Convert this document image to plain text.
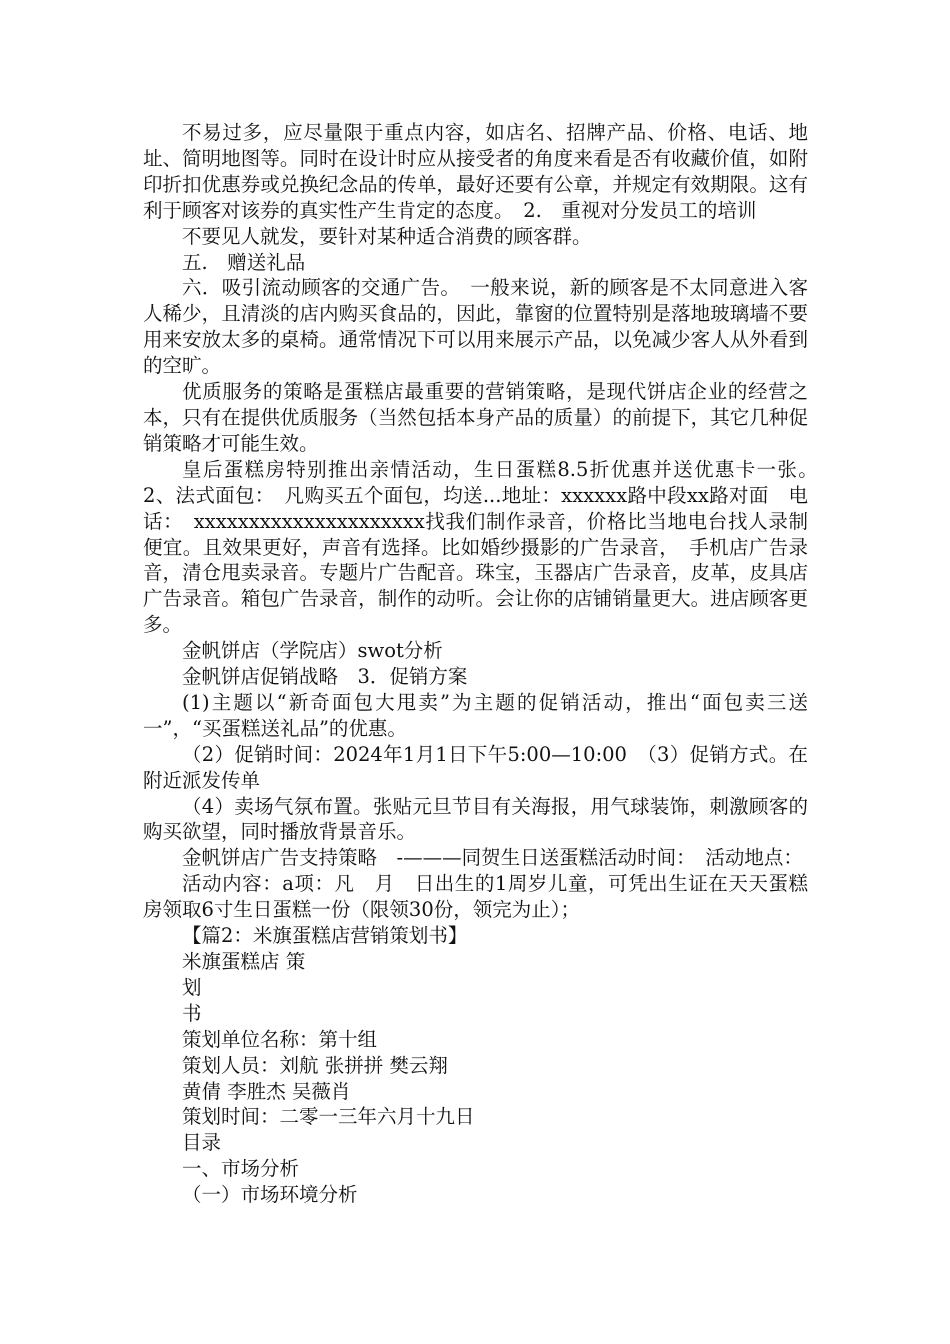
不易过多，应尽量限于重点内容，如店名、招牌产品、价格、电话、地址、简明地图等。同时在设计时应从接受者的角度来看是否有收藏价值，如附印折扣优惠券或兑换纪念品的传单，最好还要有公章，并规定有效期限。这有利于顾客对该券的真实性产生肯定的态度。　2.　重视对分发员工的培训

不要见人就发，要针对某种适合消费的顾客群。

五.　赠送礼品

六．吸引流动顾客的交通广告。　一般来说，新的顾客是不太同意进入客人稀少，且清淡的店内购买食品的，因此，靠窗的位置特别是落地玻璃墙不要用来安放太多的桌椅。通常情况下可以用来展示产品，以免减少客人从外看到的空旷。

优质服务的策略是蛋糕店最重要的营销策略，是现代饼店企业的经营之本，只有在提供优质服务（当然包括本身产品的质量）的前提下，其它几种促销策略才可能生效。

皇后蛋糕房特别推出亲情活动，生日蛋糕8.5折优惠并送优惠卡一张。　2、法式面包：　凡购买五个面包，均送...地址：xxxxxx路中段xx路对面　电话：　xxxxxxxxxxxxxxxxxxxxx找我们制作录音，价格比当地电台找人录制便宜。且效果更好，声音有选择。比如婚纱摄影的广告录音，　手机店广告录音，清仓甩卖录音。专题片广告配音。珠宝，玉器店广告录音，皮革，皮具店广告录音。箱包广告录音，制作的动听。会让你的店铺销量更大。进店顾客更多。

金帆饼店（学院店）swot分析

金帆饼店促销战略　3．促销方案

(1)主题以“新奇面包大甩卖”为主题的促销活动，推出“面包卖三送一”，“买蛋糕送礼品”的优惠。

（2）促销时间：2024年1月1日下午5:00—10:00　（3）促销方式。在附近派发传单

（4）卖场气氛布置。张贴元旦节目有关海报，用气球装饰，刺激顾客的购买欲望，同时播放背景音乐。

金帆饼店广告支持策略　-———同贺生日送蛋糕活动时间：　活动地点：

活动内容：a项：凡　月　日出生的1周岁儿童，可凭出生证在天天蛋糕房领取6寸生日蛋糕一份（限领30份，领完为止）；

【篇2：米旗蛋糕店营销策划书】

米旗蛋糕店 策

划

书

策划单位名称：第十组

策划人员：刘航 张拼拼 樊云翔

黄倩 李胜杰 吴薇肖

策划时间：二零一三年六月十九日

目录

一、市场分析

（一）市场环境分析
